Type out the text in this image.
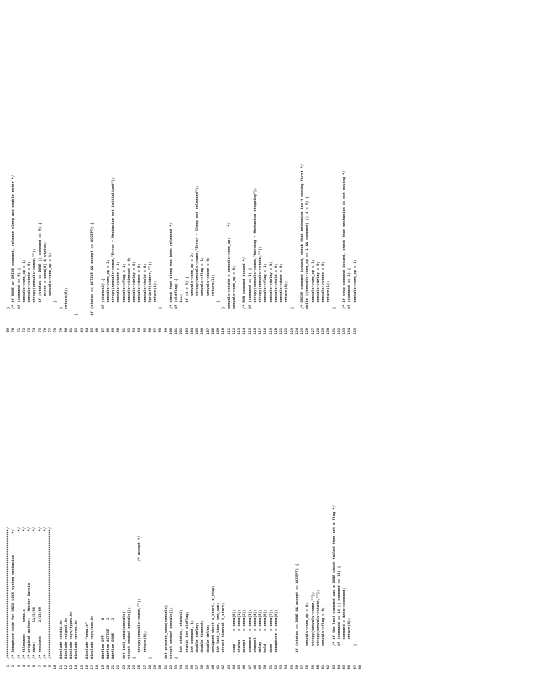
1/***********************************************************/
2/* Semaphore code for UNIX LOCK system mechanism          */
3/*                                                         */
4/* filename:     sema.c                                    */
5/* original author:   Hector Garcia                        */
6/* date:         11/3/88                                   */
7/* revised:      2/13/89                                   */
8/*                                                         */
9/***********************************************************/
10 11#include <stdio.h>
12#include <signal.h>
13#include <sys/types.h>
14#include <errno.h>
15 16#include "sema.h"
17#include <sys/sem.h>
18 19#define OFF       0
20#define ACTIVE    1
21#define DONE      2
22 23int init_sema(semvals)
24struct sembuf semvals[];
25{
26   strcpy(semvals->name,"");                 /* accept */
27   return(0);
28}
29 30 31int process_sema(semvals)
32struct sembuf semvals[];
33{
34   int status, status2;
35   static int oldflag;
36   int command, i;
37   double sdelay;
38   double timeout;
39   double delta;
40   unsigned short x_start, x_stop;
41   int last_time, sem_num;
42   struct timeval t_start;
43 44   comp      = sema[0];
45   status    = sema[1];
46   accept    = sema[2];
47   command   = sema[3];
48   channel   = sema[4];
49   delay     = sema[5];
50   hold      = sema[6];
51   done      = sema[7];
52   semaphore = sema[8];
53 54 55 56   if (status == DONE && accept == ACCEPT) {
57 58      semvals->sem_op = 0;
59      strcpy(semvals->name,"");
60      strcpy(semvals->state,"");
61      semvals->flag = 0;
62 63      /* if the last command was a DONE which failed then set a flag */
64      if (command == 14 || command == 15) {
65         command = data->command;
66         return(0);
67      }
68
69      }
70      /* if DONE or DRIVE command, release sleep and enable enter */
71      if (command == 9) {
72         semvals->sem_op = 1;
73         semvals->state = 0;
74         strcpy(semvals->name,"");
75         if (status == DONE || command == 9) {
76            error = sema[8] & status;
77            semvals->sem_op = 1;
78         }
79      }
80      return(0);
81 82   }
83 84 85   if (status == ACTIVE && accept == ACCEPT) {
86 87      if (status2) {
88         semvals->sem_op = 2;
89         strcpy(semvals->name,"Error - Mechanism not initialized");
90         semvals->state = 1;
91         semvals->flag = 1;
92         semvals->timeout = 0;
93         semvals->delay = 0;
94         semvals->done = 0;
95         semvals->hold = 0;
96         fprintf(stderr,"");
97         return(1);
98      }
99 100      /* check that sleep has been released */
101      if (oldflag) {
102         i++;
103         if (i > 5) {
104            semvals->sem_op = 2;
105            strcpy(semvals->name,"Error - Sleep not released");
106            semvals->flag = 1;
107            semvals->done = 0;
108            return(1);
109         }
110      }
111      semvals->state = semvals->sem_op;     */
112      semvals->sem_op = 0;
113 114      /* RUN command issued */
115      if (command == 1) {
116         strcpy(semvals->name,"Warning - Mechanism stopping");
117         strcpy(semvals->state,"");
118         semvals->flag = 1;
119         semvals->delay = 0;
120         semvals->hold = 0;
121         semvals->done = 0;
122         return(0);
123      }
124 125      /* DRIVE command issued, check that mechanism isn't moving first */
126      while ((semvals->sem_op == 1 && command) || i < 5) {
127         semvals->sem_op = 1;
128         semvals->delay = 0;
129         semvals->state = 0;
130         return(1);
131      }
132 133      /* if stop command issued, check that mechanism is not moving */
134      if (command == 2) {
135         semvals->sem_op = 1;
